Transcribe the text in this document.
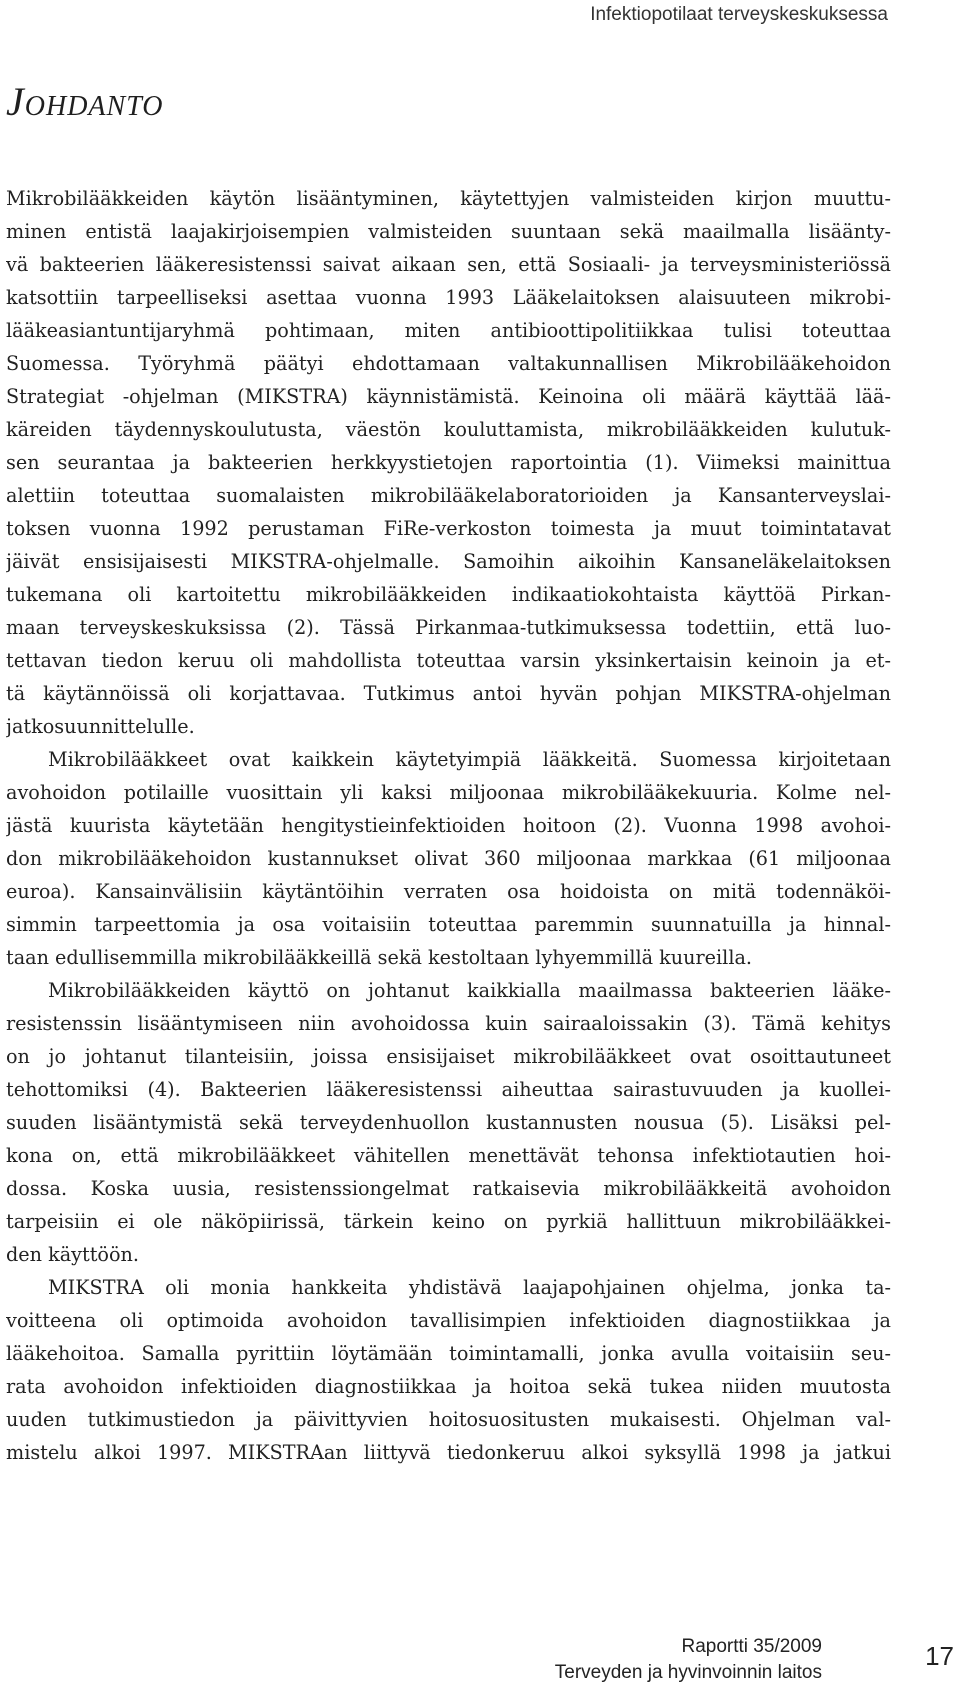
Infektiopotilaat terveyskeskuksessa
Johdanto
Mikrobilääkkeiden käytön lisääntyminen, käytettyjen valmisteiden kirjon muuttu-
minen entistä laajakirjoisempien valmisteiden suuntaan sekä maailmalla lisäänty-
vä bakteerien lääkeresistenssi saivat aikaan sen, että Sosiaali- ja terveysministeriössä
katsottiin tarpeelliseksi asettaa vuonna 1993 Lääkelaitoksen alaisuuteen mikrobi-
lääkeasiantuntijaryhmä pohtimaan, miten antibioottipolitiikkaa tulisi toteuttaa
Suomessa. Työryhmä päätyi ehdottamaan valtakunnallisen Mikrobilääkehoidon
Strategiat -ohjelman (MIKSTRA) käynnistämistä. Keinoina oli määrä käyttää lää-
käreiden täydennyskoulutusta, väestön kouluttamista, mikrobilääkkeiden kulutuk-
sen seurantaa ja bakteerien herkkyystietojen raportointia (1). Viimeksi mainittua
alettiin toteuttaa suomalaisten mikrobilääkelaboratorioiden ja Kansanterveyslai-
toksen vuonna 1992 perustaman FiRe-verkoston toimesta ja muut toimintatavat
jäivät ensisijaisesti MIKSTRA-ohjelmalle. Samoihin aikoihin Kansaneläkelaitoksen
tukemana oli kartoitettu mikrobilääkkeiden indikaatiokohtaista käyttöä Pirkan-
maan terveyskeskuksissa (2). Tässä Pirkanmaa-tutkimuksessa todettiin, että luo-
tettavan tiedon keruu oli mahdollista toteuttaa varsin yksinkertaisin keinoin ja et-
tä käytännöissä oli korjattavaa. Tutkimus antoi hyvän pohjan MIKSTRA-ohjelman
jatkosuunnittelulle.
Mikrobilääkkeet ovat kaikkein käytetyimpiä lääkkeitä. Suomessa kirjoitetaan
avohoidon potilaille vuosittain yli kaksi miljoonaa mikrobilääkekuuria. Kolme nel-
jästä kuurista käytetään hengitystieinfektioiden hoitoon (2). Vuonna 1998 avohoi-
don mikrobilääkehoidon kustannukset olivat 360 miljoonaa markkaa (61 miljoonaa
euroa). Kansainvälisiin käytäntöihin verraten osa hoidoista on mitä todennäköi-
simmin tarpeettomia ja osa voitaisiin toteuttaa paremmin suunnatuilla ja hinnal-
taan edullisemmilla mikrobilääkkeillä sekä kestoltaan lyhyemmillä kuureilla.
Mikrobilääkkeiden käyttö on johtanut kaikkialla maailmassa bakteerien lääke-
resistenssin lisääntymiseen niin avohoidossa kuin sairaaloissakin (3). Tämä kehitys
on jo johtanut tilanteisiin, joissa ensisijaiset mikrobilääkkeet ovat osoittautuneet
tehottomiksi (4). Bakteerien lääkeresistenssi aiheuttaa sairastuvuuden ja kuollei-
suuden lisääntymistä sekä terveydenhuollon kustannusten nousua (5). Lisäksi pel-
kona on, että mikrobilääkkeet vähitellen menettävät tehonsa infektiotautien hoi-
dossa. Koska uusia, resistenssiongelmat ratkaisevia mikrobilääkkeitä avohoidon
tarpeisiin ei ole näköpiirissä, tärkein keino on pyrkiä hallittuun mikrobilääkkei-
den käyttöön.
MIKSTRA oli monia hankkeita yhdistävä laajapohjainen ohjelma, jonka ta-
voitteena oli optimoida avohoidon tavallisimpien infektioiden diagnostiikkaa ja
lääkehoitoa. Samalla pyrittiin löytämään toimintamalli, jonka avulla voitaisiin seu-
rata avohoidon infektioiden diagnostiikkaa ja hoitoa sekä tukea niiden muutosta
uuden tutkimustiedon ja päivittyvien hoitosuositusten mukaisesti. Ohjelman val-
mistelu alkoi 1997. MIKSTRAan liittyvä tiedonkeruu alkoi syksyllä 1998 ja jatkui
Raportti 35/2009
Terveyden ja hyvinvoinnin laitos
17
